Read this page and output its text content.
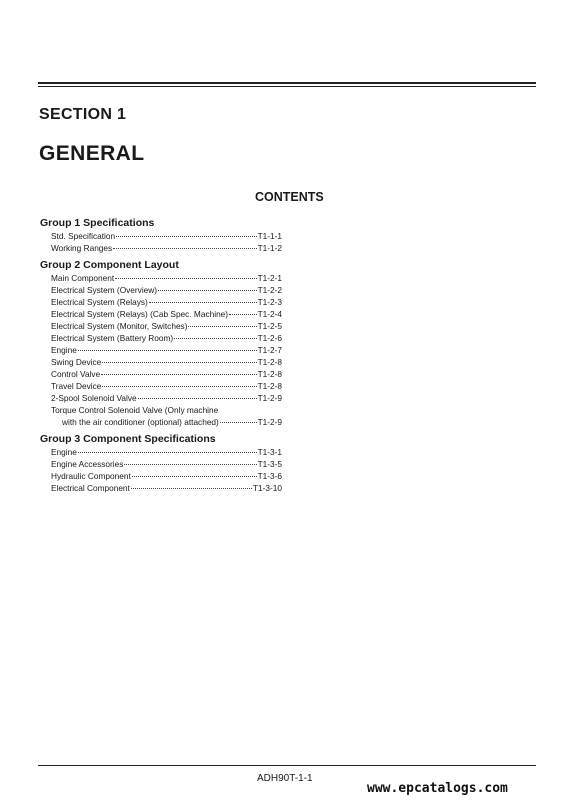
SECTION 1
GENERAL
CONTENTS
Group 1 Specifications
Std. Specification	T1-1-1
Working Ranges	T1-1-2
Group 2 Component Layout
Main Component	T1-2-1
Electrical System (Overview)	T1-2-2
Electrical System (Relays)	T1-2-3
Electrical System (Relays) (Cab Spec. Machine)	T1-2-4
Electrical System (Monitor, Switches)	T1-2-5
Electrical System (Battery Room)	T1-2-6
Engine	T1-2-7
Swing Device	T1-2-8
Control Valve	T1-2-8
Travel Device	T1-2-8
2-Spool Solenoid Valve	T1-2-9
Torque Control Solenoid Valve (Only machine
with the air conditioner (optional) attached)	T1-2-9
Group 3 Component Specifications
Engine	T1-3-1
Engine Accessories	T1-3-5
Hydraulic Component	T1-3-6
Electrical Component	T1-3-10
ADH90T-1-1
www.epcatalogs.com
